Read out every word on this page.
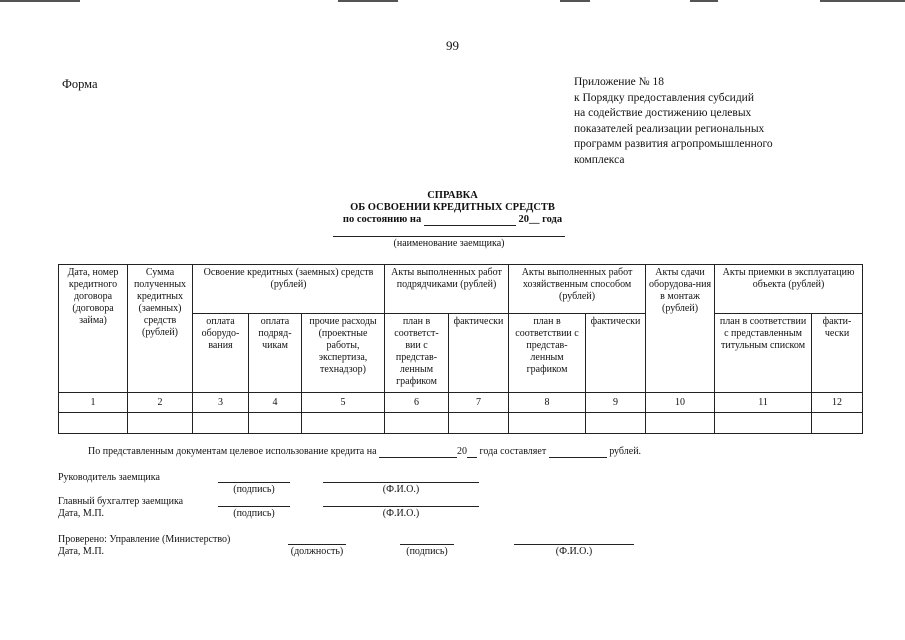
99
Форма	Приложение № 18
к Порядку предоставления субсидий
на содействие достижению целевых
показателей реализации региональных
программ развития агропромышленного
комплекса
СПРАВКА
ОБ ОСВОЕНИИ КРЕДИТНЫХ СРЕДСТВ
по состоянию на	20__ года
(наименование заемщика)
Дата, номер кредитного договора (договора займа)	Сумма полученных кредитных (заемных) средств (рублей)	Освоение кредитных (заемных) средств (рублей)			Акты выполненных работ подрядчиками (рублей)		Акты выполненных работ хозяйственным способом (рублей)		Акты сдачи оборудова-ния в монтаж (рублей)	Акты приемки в эксплуатацию объекта (рублей)	
		оплата оборудо-вания	оплата подряд-чикам	прочие расходы (проектные работы, экспертиза, технадзор)	план в соответст-вии с представ-ленным графиком	фактически	план в соответствии с представ-ленным графиком	фактически		план в соответствии с представленным титульным списком	факти-чески
1	2	3	4	5	6	7	8	9	10	11	12

По представленным документам целевое использование кредита на	20 года составляет	рублей.
Руководитель заемщика
(подпись)	(Ф.И.О.)
Главный бухгалтер заемщика
Дата, М.П.	(подпись)	(Ф.И.О.)
Проверено: Управление (Министерство)
Дата, М.П.	(должность)	(подпись)	(Ф.И.О.)
